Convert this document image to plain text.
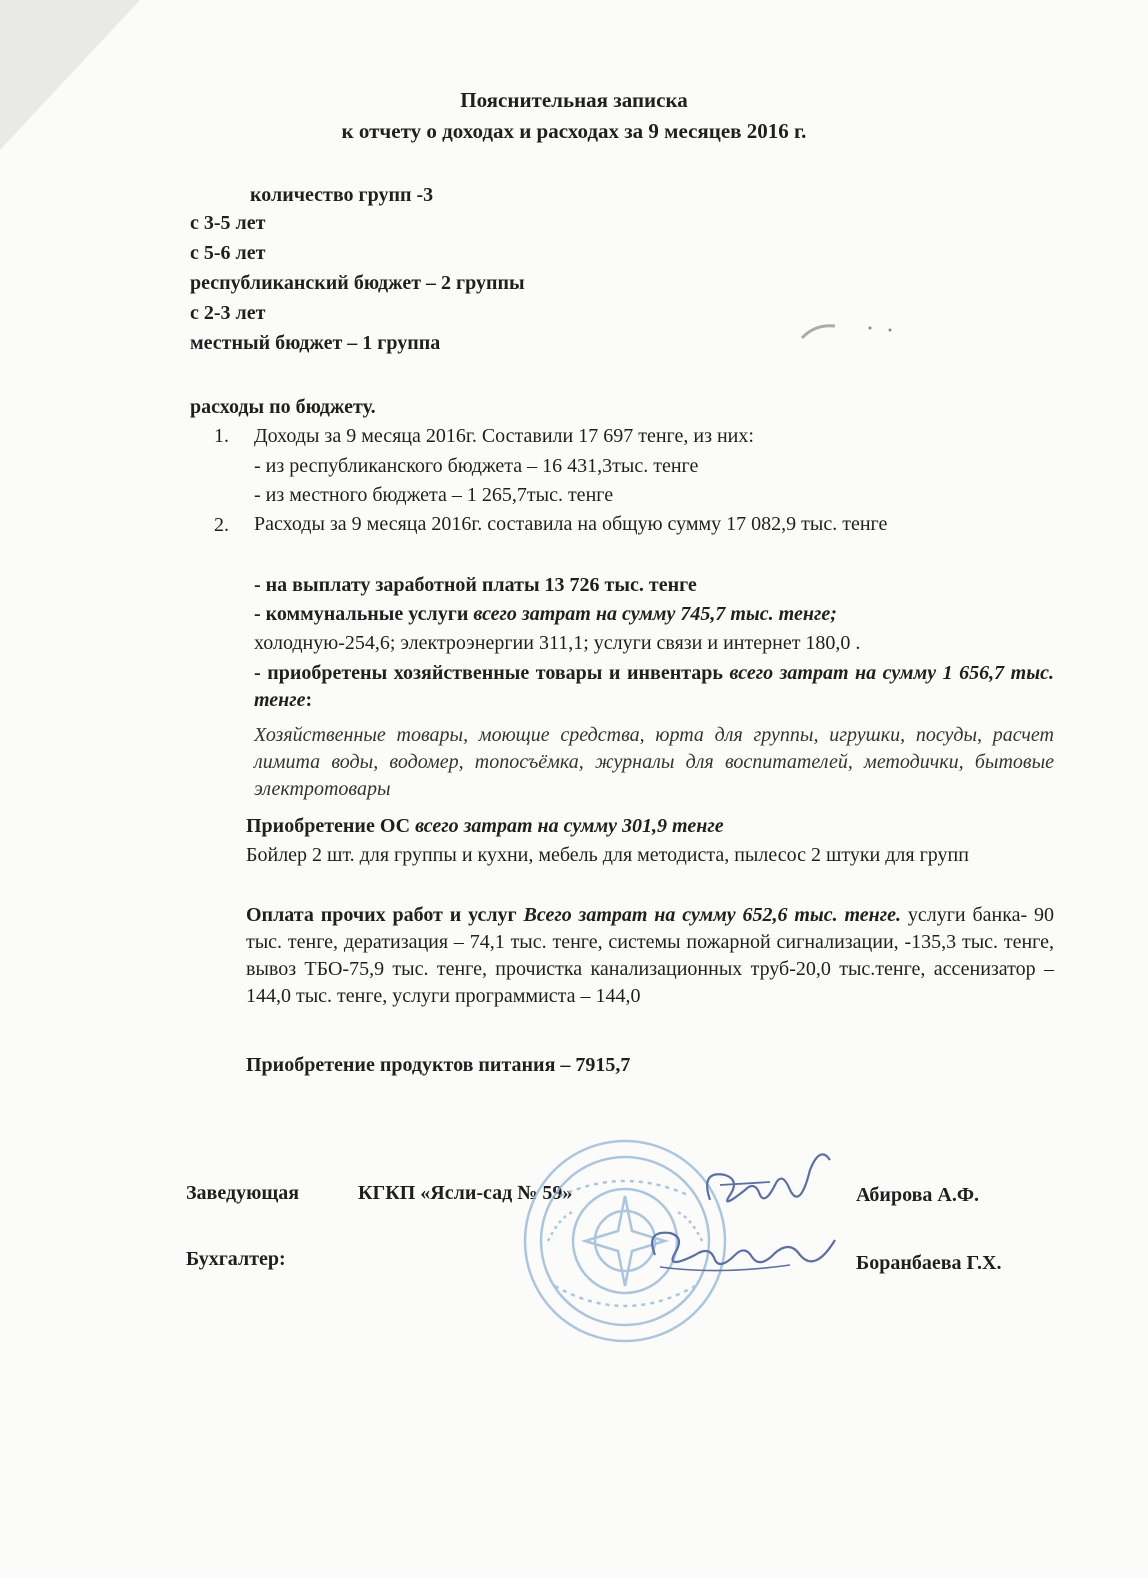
Пояснительная записка
к отчету о доходах и расходах за 9 месяцев 2016 г.
количество групп -3
с 3-5 лет
с 5-6 лет
республиканский бюджет – 2 группы
с 2-3 лет
местный бюджет – 1 группа
расходы по бюджету.
1. Доходы за 9 месяца 2016г. Составили 17 697 тенге, из них:
- из республиканского бюджета – 16 431,3тыс. тенге
- из местного бюджета – 1 265,7тыс. тенге
2. Расходы за 9 месяца 2016г. составила на общую сумму 17 082,9 тыс. тенге
- на выплату заработной платы 13 726 тыс. тенге
- коммунальные услуги всего затрат на сумму 745,7 тыс. тенге;
холодную-254,6; электроэнергии 311,1; услуги связи и интернет 180,0 .
- приобретены хозяйственные товары и инвентарь всего затрат на сумму 1 656,7 тыс. тенге:
Хозяйственные товары, моющие средства, юрта для группы, игрушки, посуды, расчет лимита воды, водомер, топосъёмка, журналы для воспитателей, методички, бытовые электротовары
Приобретение ОС всего затрат на сумму 301,9 тенге
Бойлер 2 шт. для группы и кухни, мебель для методиста, пылесос 2 штуки для групп
Оплата прочих работ и услуг Всего затрат на сумму 652,6 тыс. тенге. услуги банка- 90 тыс. тенге, дератизация – 74,1 тыс. тенге, системы пожарной сигнализации, -135,3 тыс. тенге, вывоз ТБО-75,9 тыс. тенге, прочистка канализационных труб-20,0 тыс.тенге, ассенизатор – 144,0 тыс. тенге, услуги программиста – 144,0
Приобретение продуктов питания – 7915,7
Заведующая	КГКП «Ясли-сад № 59»	Абирова А.Ф.
Бухгалтер:	Боранбаева Г.Х.
